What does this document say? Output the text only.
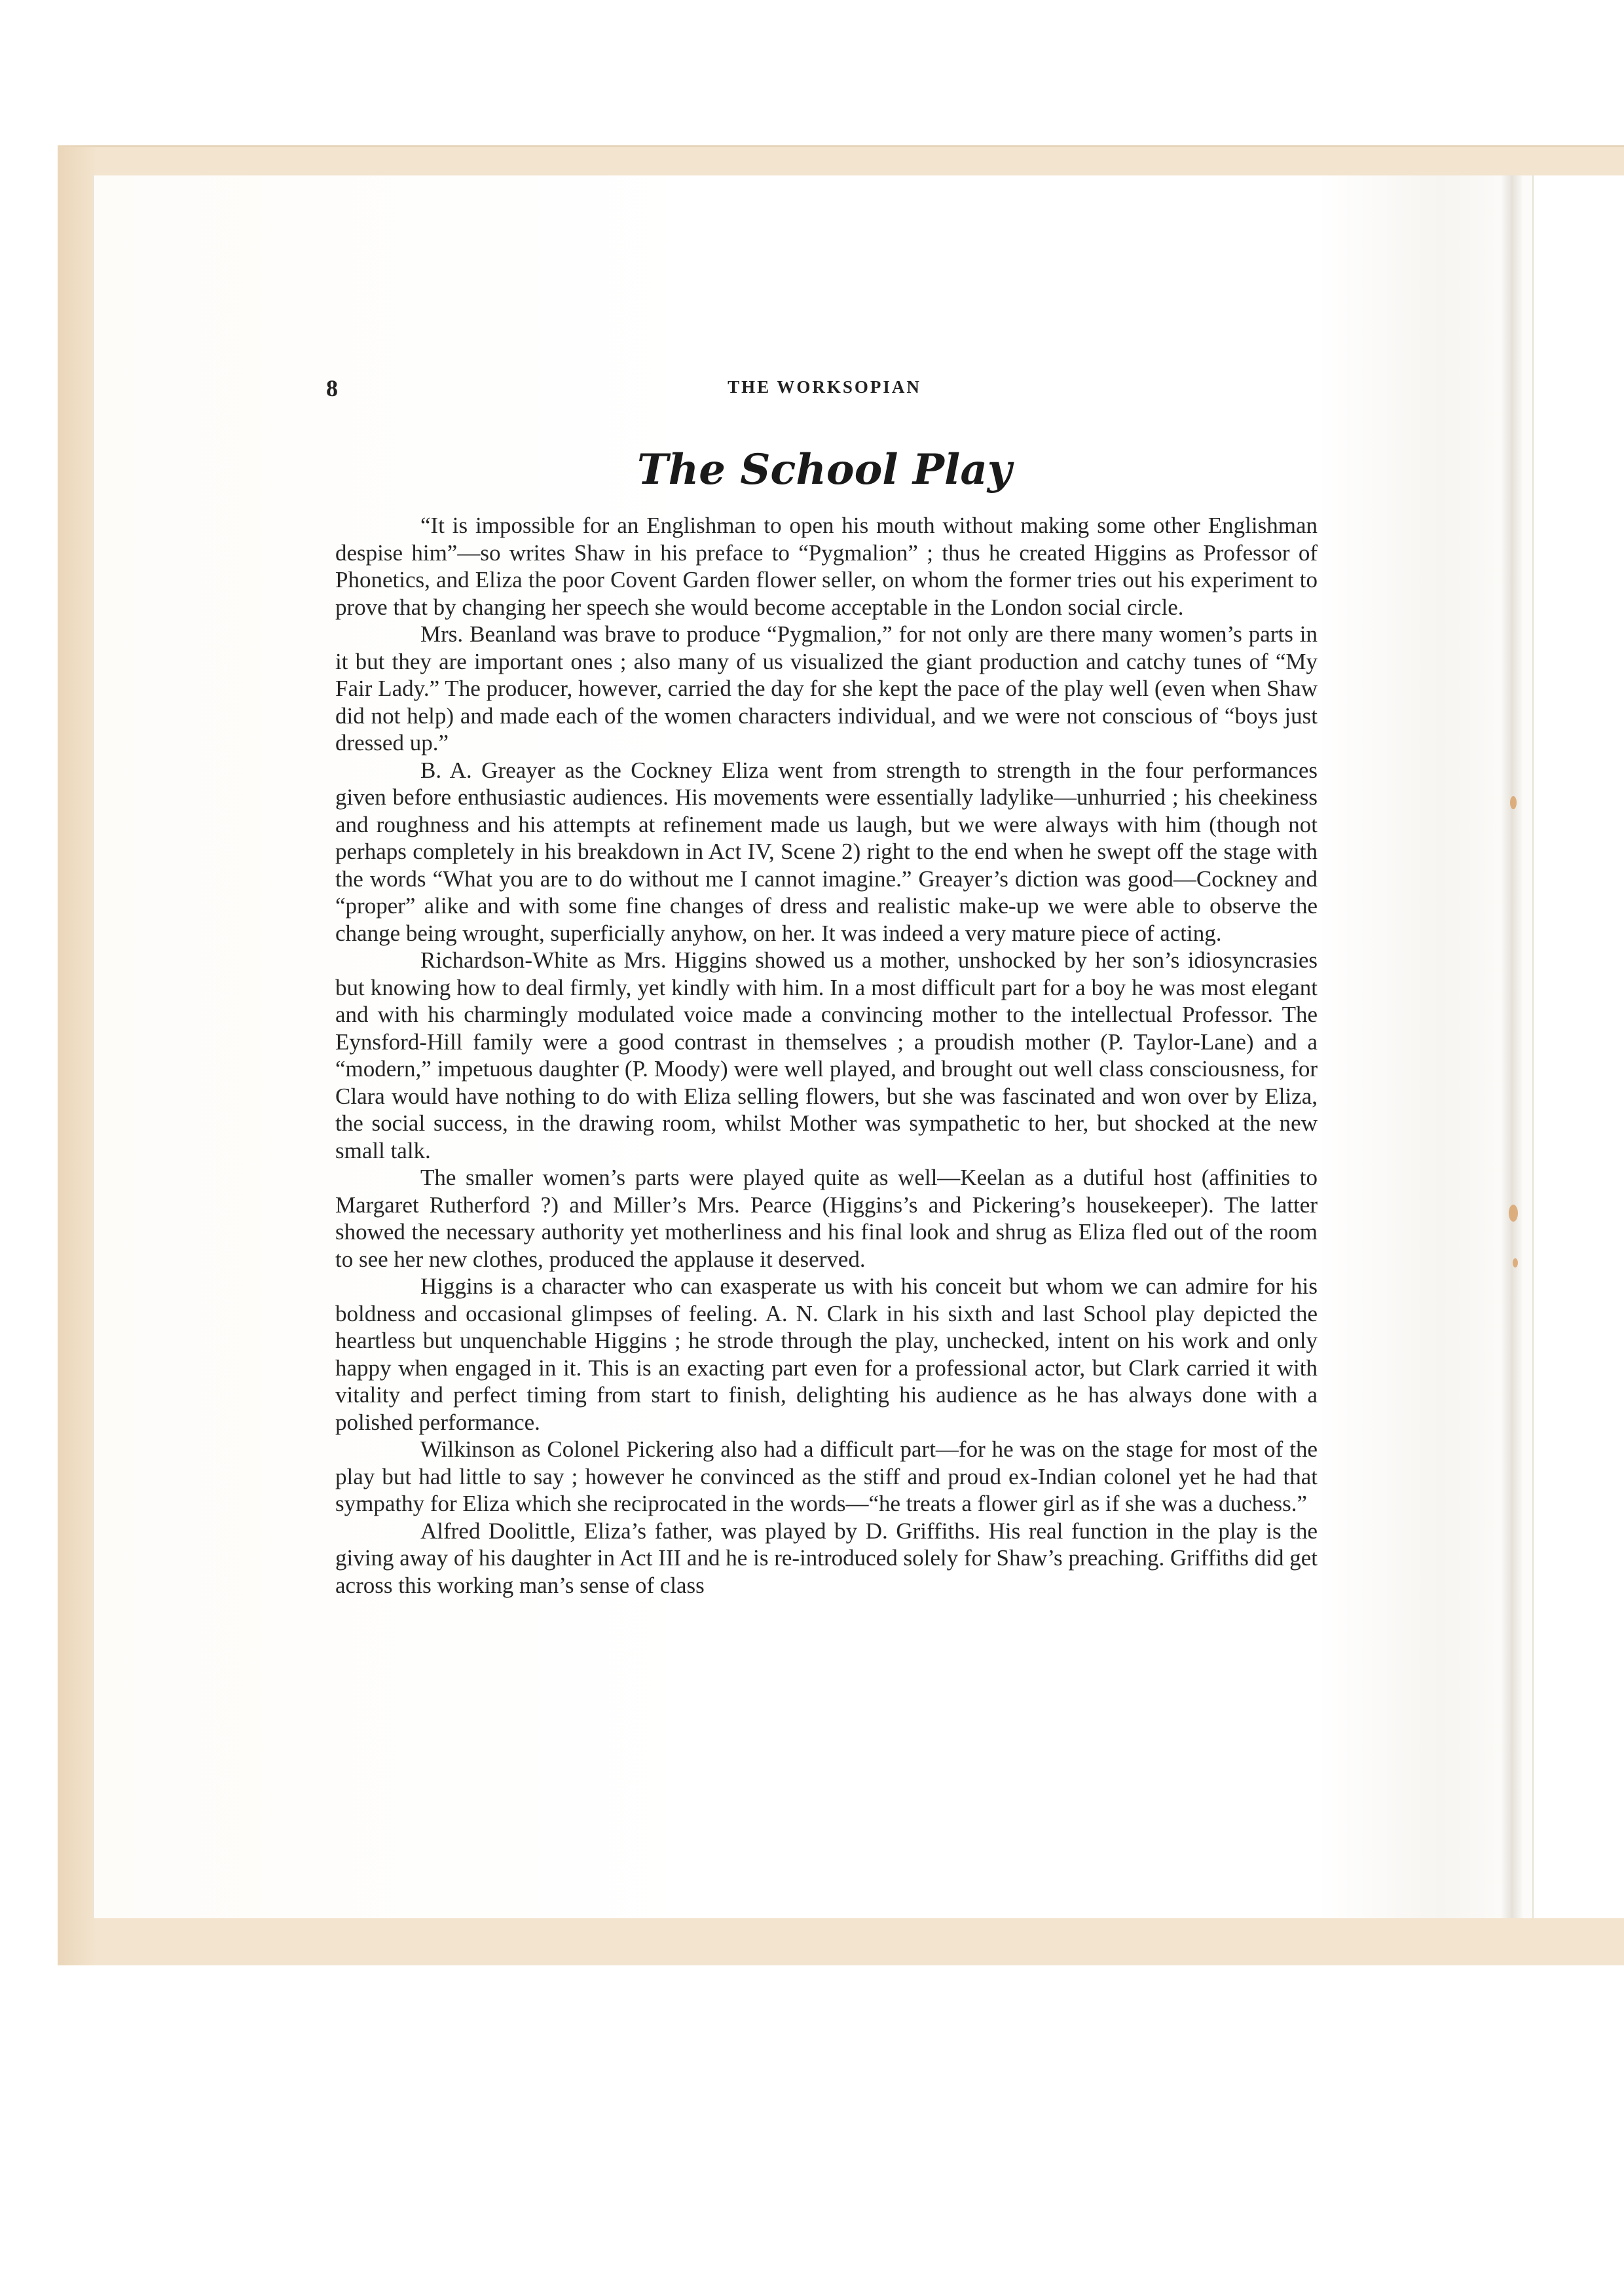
8	THE WORKSOPIAN
The School Play

“It is impossible for an Englishman to open his mouth without making some other Englishman despise him”—so writes Shaw in his preface to “Pygmalion” ; thus he created Higgins as Professor of Phonetics, and Eliza the poor Covent Garden flower seller, on whom the former tries out his experiment to prove that by changing her speech she would become acceptable in the London social circle.

Mrs. Beanland was brave to produce “Pygmalion,” for not only are there many women’s parts in it but they are important ones ; also many of us visualized the giant production and catchy tunes of “My Fair Lady.” The producer, however, carried the day for she kept the pace of the play well (even when Shaw did not help) and made each of the women characters individual, and we were not conscious of “boys just dressed up.”

B. A. Greayer as the Cockney Eliza went from strength to strength in the four performances given before enthusiastic audiences. His movements were essentially ladylike—unhurried ; his cheekiness and roughness and his attempts at refinement made us laugh, but we were always with him (though not perhaps completely in his breakdown in Act IV, Scene 2) right to the end when he swept off the stage with the words “What you are to do without me I cannot imagine.” Greayer’s diction was good—Cockney and “proper” alike and with some fine changes of dress and realistic make-up we were able to observe the change being wrought, superficially anyhow, on her. It was indeed a very mature piece of acting.

Richardson-White as Mrs. Higgins showed us a mother, unshocked by her son’s idiosyncrasies but knowing how to deal firmly, yet kindly with him. In a most difficult part for a boy he was most elegant and with his charmingly modulated voice made a convincing mother to the intellectual Professor. The Eynsford-Hill family were a good contrast in themselves ; a proudish mother (P. Taylor-Lane) and a “modern,” impetuous daughter (P. Moody) were well played, and brought out well class consciousness, for Clara would have nothing to do with Eliza selling flowers, but she was fascinated and won over by Eliza, the social success, in the drawing room, whilst Mother was sympathetic to her, but shocked at the new small talk.

The smaller women’s parts were played quite as well—Keelan as a dutiful host (affinities to Margaret Rutherford ?) and Miller’s Mrs. Pearce (Higgins’s and Pickering’s housekeeper). The latter showed the necessary authority yet motherliness and his final look and shrug as Eliza fled out of the room to see her new clothes, produced the applause it deserved.

Higgins is a character who can exasperate us with his conceit but whom we can admire for his boldness and occasional glimpses of feeling. A. N. Clark in his sixth and last School play depicted the heartless but unquenchable Higgins ; he strode through the play, unchecked, intent on his work and only happy when engaged in it. This is an exacting part even for a professional actor, but Clark carried it with vitality and perfect timing from start to finish, delighting his audience as he has always done with a polished performance.

Wilkinson as Colonel Pickering also had a difficult part—for he was on the stage for most of the play but had little to say ; however he convinced as the stiff and proud ex-Indian colonel yet he had that sympathy for Eliza which she reciprocated in the words—“he treats a flower girl as if she was a duchess.”

Alfred Doolittle, Eliza’s father, was played by D. Griffiths. His real function in the play is the giving away of his daughter in Act III and he is re-introduced solely for Shaw’s preaching. Griffiths did get across this working man’s sense of class
